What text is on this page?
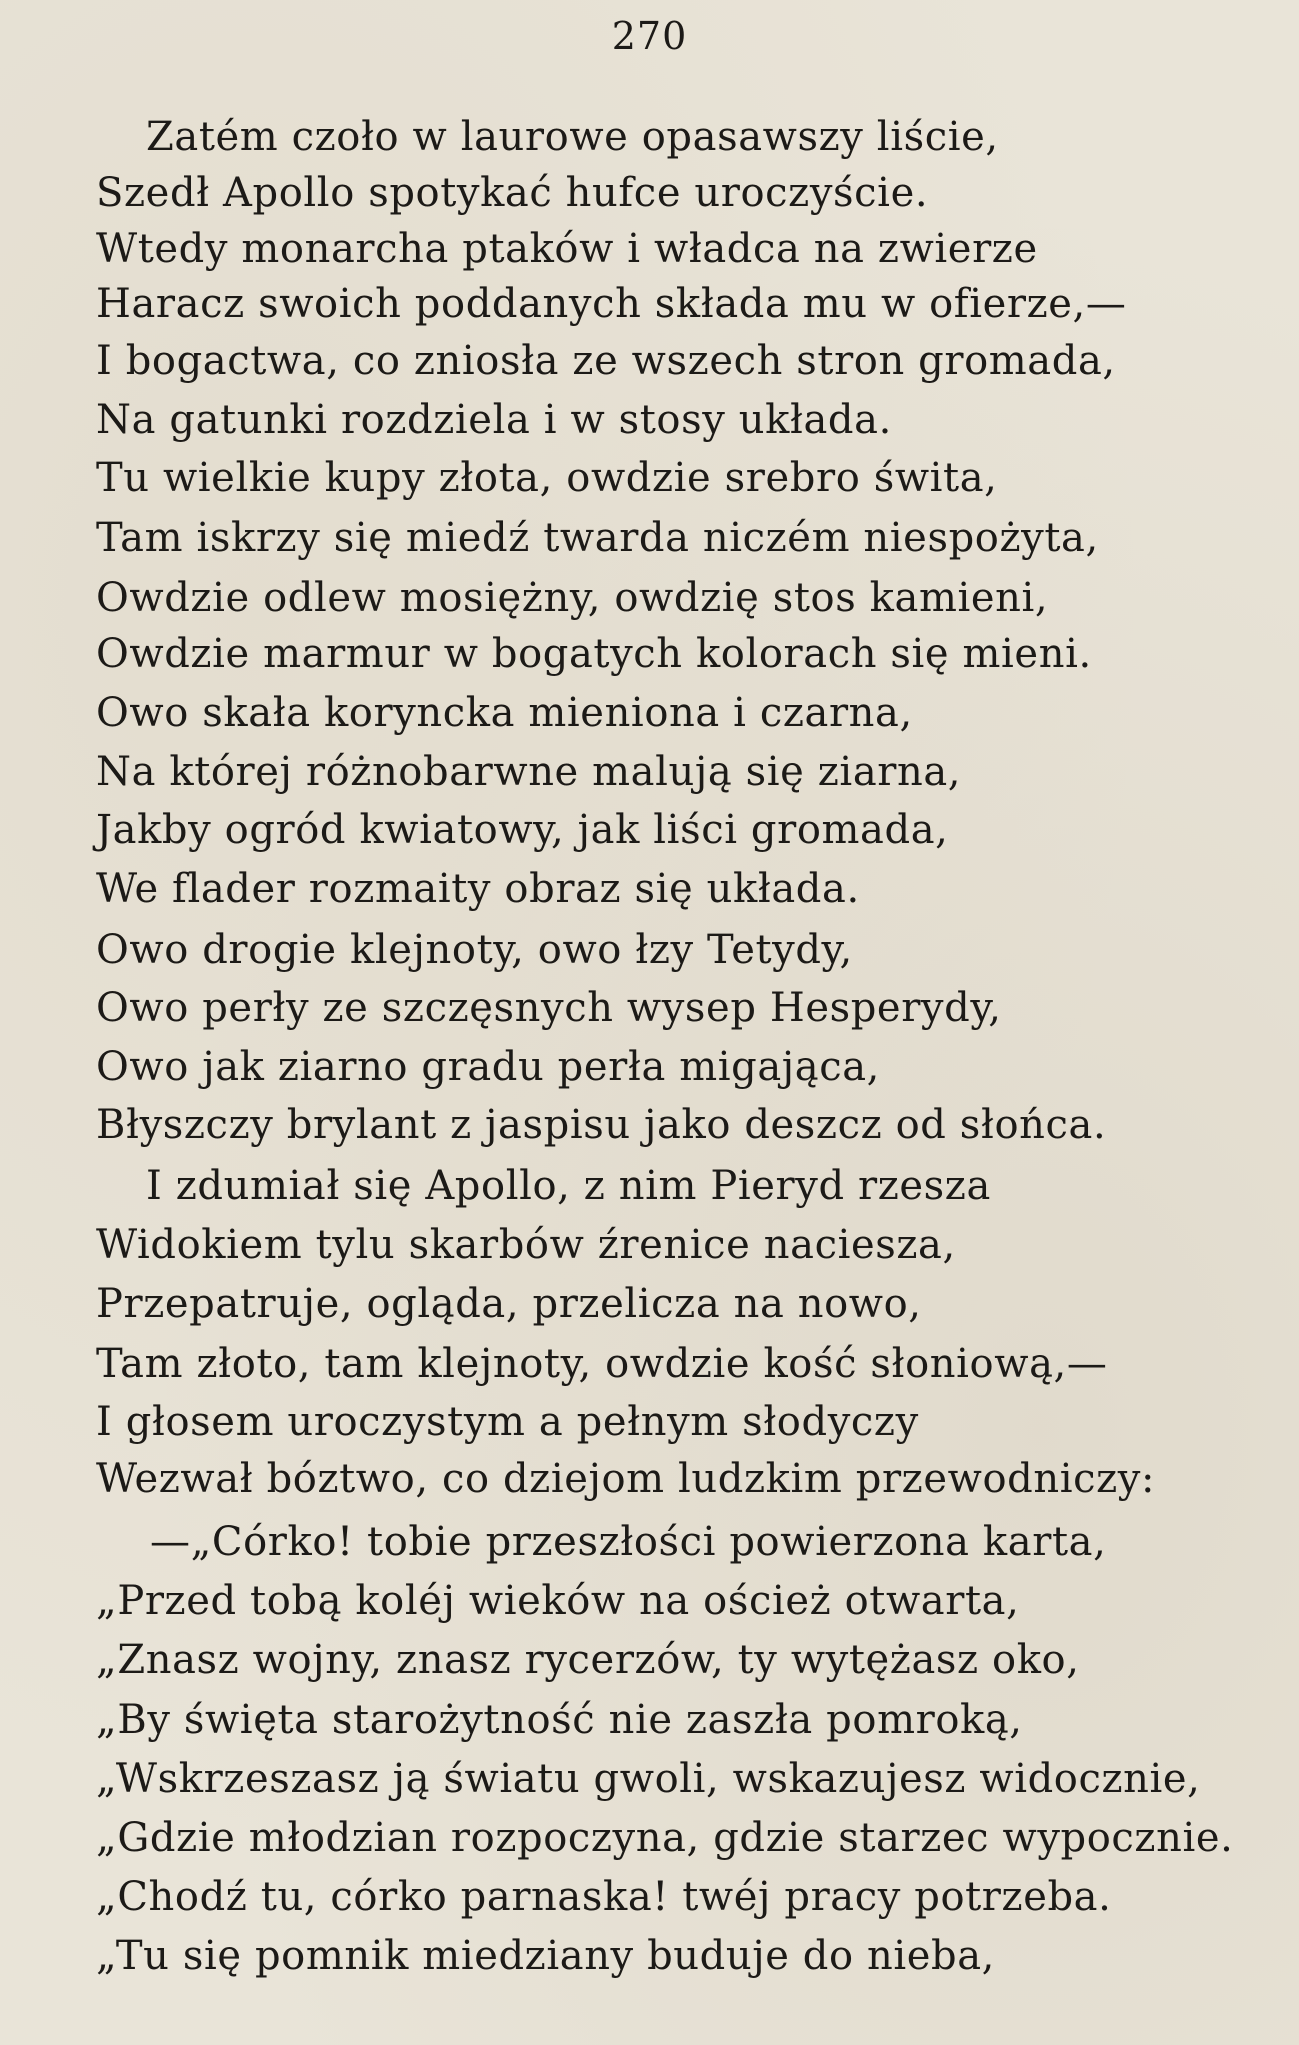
270
Zatém czoło w laurowe opasawszy liście,
Szedł Apollo spotykać hufce uroczyście.
Wtedy monarcha ptaków i władca na zwierze
Haracz swoich poddanych składa mu w ofierze,—
I bogactwa, co zniosła ze wszech stron gromada,
Na gatunki rozdziela i w stosy układa.
Tu wielkie kupy złota, owdzie srebro świta,
Tam iskrzy się miedź twarda niczém niespożyta,
Owdzie odlew mosiężny, owdzię stos kamieni,
Owdzie marmur w bogatych kolorach się mieni.
Owo skała koryncka mieniona i czarna,
Na której różnobarwne malują się ziarna,
Jakby ogród kwiatowy, jak liści gromada,
We flader rozmaity obraz się układa.
Owo drogie klejnoty, owo łzy Tetydy,
Owo perły ze szczęsnych wysep Hesperydy,
Owo jak ziarno gradu perła migająca,
Błyszczy brylant z jaspisu jako deszcz od słońca.
I zdumiał się Apollo, z nim Pieryd rzesza
Widokiem tylu skarbów źrenice naciesza,
Przepatruje, ogląda, przelicza na nowo,
Tam złoto, tam klejnoty, owdzie kość słoniową,—
I głosem uroczystym a pełnym słodyczy
Wezwał bóztwo, co dziejom ludzkim przewodniczy:
—„Córko! tobie przeszłości powierzona karta,
„Przed tobą koléj wieków na oścież otwarta,
„Znasz wojny, znasz rycerzów, ty wytężasz oko,
„By święta starożytność nie zaszła pomroką,
„Wskrzeszasz ją światu gwoli, wskazujesz widocznie,
„Gdzie młodzian rozpoczyna, gdzie starzec wypocznie.
„Chodź tu, córko parnaska! twéj pracy potrzeba.
„Tu się pomnik miedziany buduje do nieba,
